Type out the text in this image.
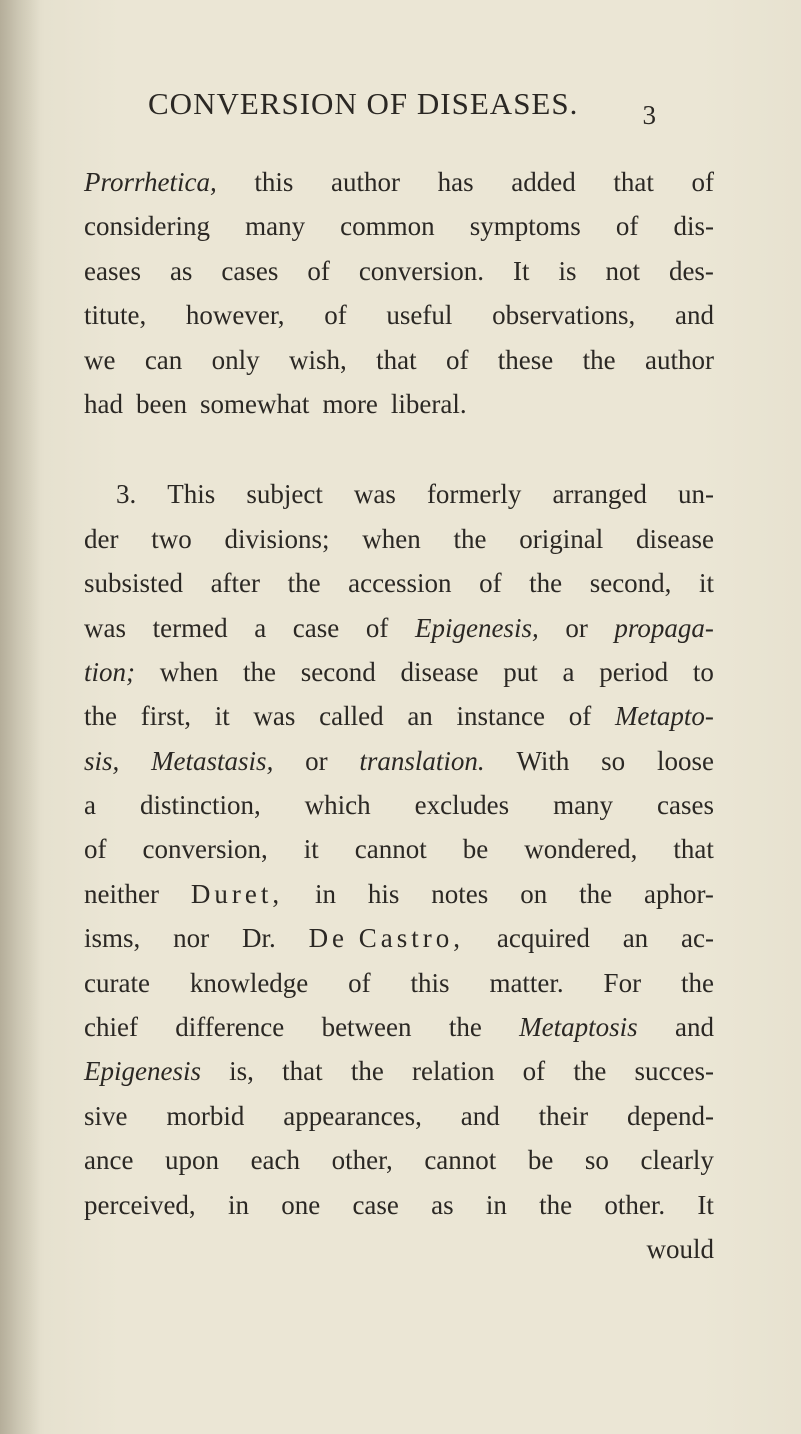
CONVERSION OF DISEASES. 3
Prorrhetica, this author has added that of
considering many common symptoms of dis-
eases as cases of conversion. It is not des-
titute, however, of useful observations, and
we can only wish, that of these the author
had been somewhat more liberal.
3. This subject was formerly arranged un-
der two divisions; when the original disease
subsisted after the accession of the second, it
was termed a case of Epigenesis, or propaga-
tion; when the second disease put a period to
the first, it was called an instance of Metapto-
sis, Metastasis, or translation. With so loose
a distinction, which excludes many cases
of conversion, it cannot be wondered, that
neither Duret, in his notes on the aphor-
isms, nor Dr. De Castro, acquired an ac-
curate knowledge of this matter. For the
chief difference between the Metaptosis and
Epigenesis is, that the relation of the succes-
sive morbid appearances, and their depend-
ance upon each other, cannot be so clearly
perceived, in one case as in the other. It
would
